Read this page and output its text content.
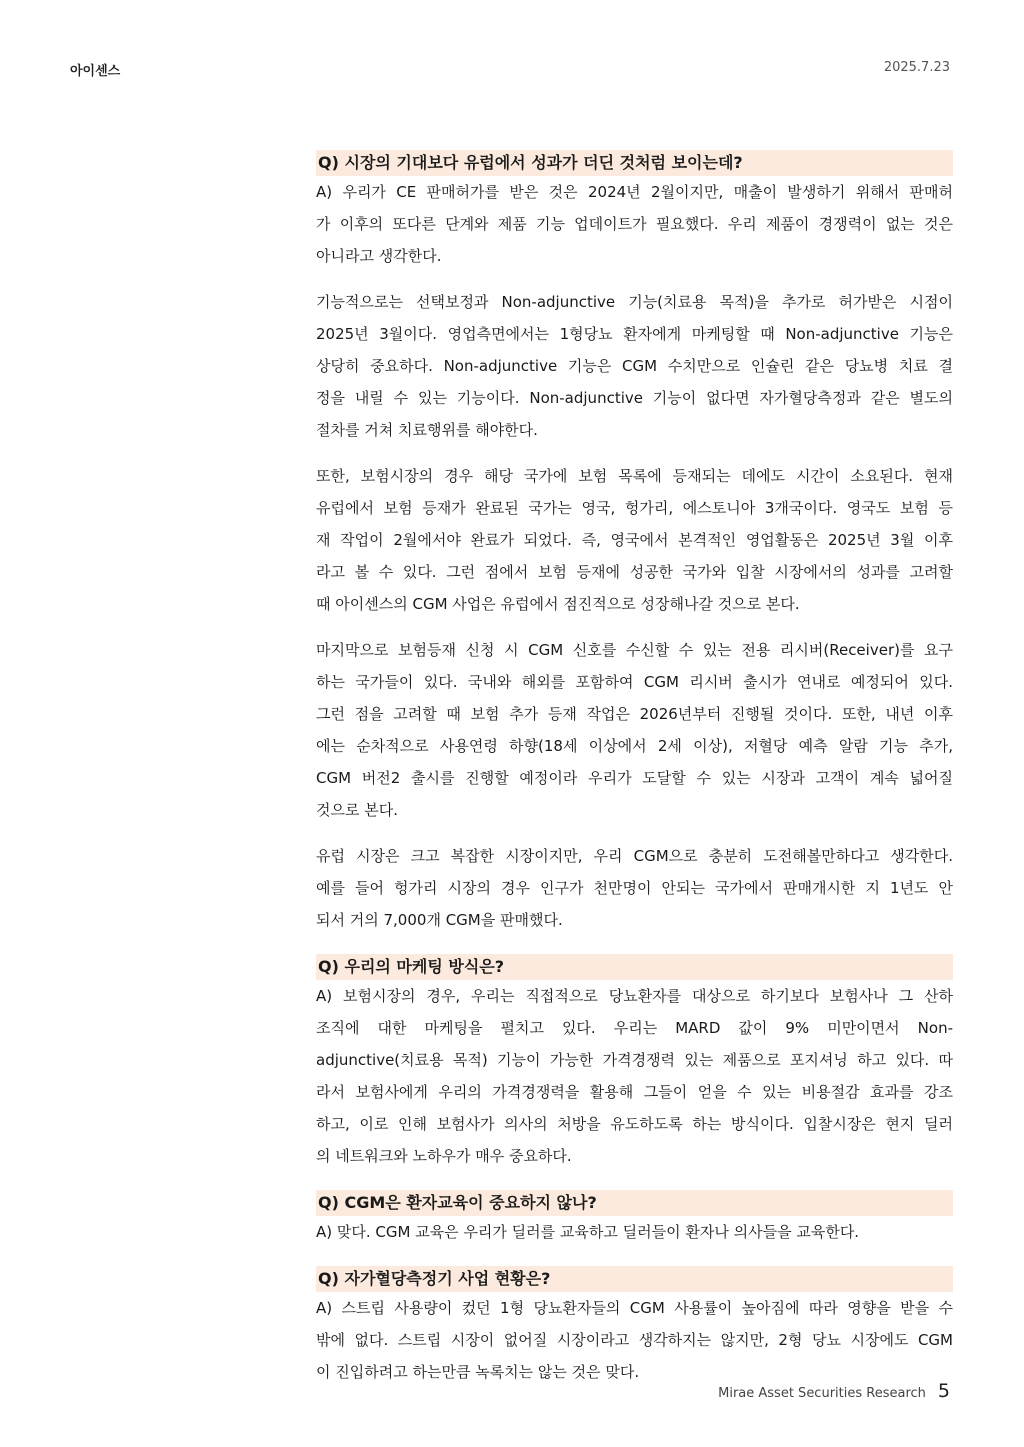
아이센스	2025.7.23
Q) 시장의 기대보다 유럽에서 성과가 더딘 것처럼 보이는데?
A) 우리가 CE 판매허가를 받은 것은 2024년 2월이지만, 매출이 발생하기 위해서 판매허
가 이후의 또다른 단계와 제품 기능 업데이트가 필요했다. 우리 제품이 경쟁력이 없는 것은
아니라고 생각한다.
기능적으로는 선택보정과 Non-adjunctive 기능(치료용 목적)을 추가로 허가받은 시점이
2025년 3월이다. 영업측면에서는 1형당뇨 환자에게 마케팅할 때 Non-adjunctive 기능은
상당히 중요하다. Non-adjunctive 기능은 CGM 수치만으로 인슐린 같은 당뇨병 치료 결
정을 내릴 수 있는 기능이다. Non-adjunctive 기능이 없다면 자가혈당측정과 같은 별도의
절차를 거쳐 치료행위를 해야한다.
또한, 보험시장의 경우 해당 국가에 보험 목록에 등재되는 데에도 시간이 소요된다. 현재
유럽에서 보험 등재가 완료된 국가는 영국, 헝가리, 에스토니아 3개국이다. 영국도 보험 등
재 작업이 2월에서야 완료가 되었다. 즉, 영국에서 본격적인 영업활동은 2025년 3월 이후
라고 볼 수 있다. 그런 점에서 보험 등재에 성공한 국가와 입찰 시장에서의 성과를 고려할
때 아이센스의 CGM 사업은 유럽에서 점진적으로 성장해나갈 것으로 본다.
마지막으로 보험등재 신청 시 CGM 신호를 수신할 수 있는 전용 리시버(Receiver)를 요구
하는 국가들이 있다. 국내와 해외를 포함하여 CGM 리시버 출시가 연내로 예정되어 있다.
그런 점을 고려할 때 보험 추가 등재 작업은 2026년부터 진행될 것이다. 또한, 내년 이후
에는 순차적으로 사용연령 하향(18세 이상에서 2세 이상), 저혈당 예측 알람 기능 추가,
CGM 버전2 출시를 진행할 예정이라 우리가 도달할 수 있는 시장과 고객이 계속 넓어질
것으로 본다.
유럽 시장은 크고 복잡한 시장이지만, 우리 CGM으로 충분히 도전해볼만하다고 생각한다.
예를 들어 헝가리 시장의 경우 인구가 천만명이 안되는 국가에서 판매개시한 지 1년도 안
되서 거의 7,000개 CGM을 판매했다.
Q) 우리의 마케팅 방식은?
A) 보험시장의 경우, 우리는 직접적으로 당뇨환자를 대상으로 하기보다 보험사나 그 산하
조직에 대한 마케팅을 펼치고 있다. 우리는 MARD 값이 9% 미만이면서 Non-
adjunctive(치료용 목적) 기능이 가능한 가격경쟁력 있는 제품으로 포지셔닝 하고 있다. 따
라서 보험사에게 우리의 가격경쟁력을 활용해 그들이 얻을 수 있는 비용절감 효과를 강조
하고, 이로 인해 보험사가 의사의 처방을 유도하도록 하는 방식이다. 입찰시장은 현지 딜러
의 네트워크와 노하우가 매우 중요하다.
Q) CGM은 환자교육이 중요하지 않나?
A) 맞다. CGM 교육은 우리가 딜러를 교육하고 딜러들이 환자나 의사들을 교육한다.
Q) 자가혈당측정기 사업 현황은?
A) 스트립 사용량이 컸던 1형 당뇨환자들의 CGM 사용률이 높아짐에 따라 영향을 받을 수
밖에 없다. 스트립 시장이 없어질 시장이라고 생각하지는 않지만, 2형 당뇨 시장에도 CGM
이 진입하려고 하는만큼 녹록치는 않는 것은 맞다.
Mirae Asset Securities Research 5
